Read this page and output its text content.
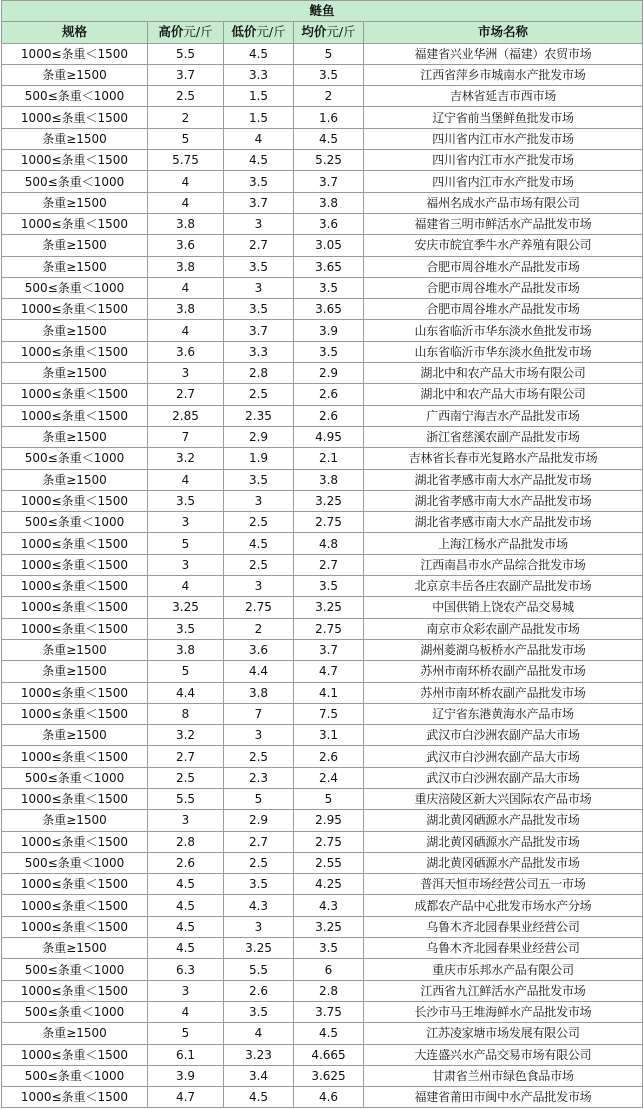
鲢鱼				
规格	高价元/斤	低价元/斤	均价元/斤	市场名称
1000≤条重＜1500	5.5	4.5	5	福建省兴业华洲（福建）农贸市场
条重≥1500	3.7	3.3	3.5	江西省萍乡市城南水产批发市场
500≤条重＜1000	2.5	1.5	2	吉林省延吉市西市场
1000≤条重＜1500	2	1.5	1.6	辽宁省前当堡鲜鱼批发市场
条重≥1500	5	4	4.5	四川省内江市水产批发市场
1000≤条重＜1500	5.75	4.5	5.25	四川省内江市水产批发市场
500≤条重＜1000	4	3.5	3.7	四川省内江市水产批发市场
条重≥1500	4	3.7	3.8	福州名成水产品市场有限公司
1000≤条重＜1500	3.8	3	3.6	福建省三明市鲜活水产品批发市场
条重≥1500	3.6	2.7	3.05	安庆市皖宜季牛水产养殖有限公司
条重≥1500	3.8	3.5	3.65	合肥市周谷堆水产品批发市场
500≤条重＜1000	4	3	3.5	合肥市周谷堆水产品批发市场
1000≤条重＜1500	3.8	3.5	3.65	合肥市周谷堆水产品批发市场
条重≥1500	4	3.7	3.9	山东省临沂市华东淡水鱼批发市场
1000≤条重＜1500	3.6	3.3	3.5	山东省临沂市华东淡水鱼批发市场
条重≥1500	3	2.8	2.9	湖北中和农产品大市场有限公司
1000≤条重＜1500	2.7	2.5	2.6	湖北中和农产品大市场有限公司
1000≤条重＜1500	2.85	2.35	2.6	广西南宁海吉水产品批发市场
条重≥1500	7	2.9	4.95	浙江省慈溪农副产品批发市场
500≤条重＜1000	3.2	1.9	2.1	吉林省长春市光复路水产品批发市场
条重≥1500	4	3.5	3.8	湖北省孝感市南大水产品批发市场
1000≤条重＜1500	3.5	3	3.25	湖北省孝感市南大水产品批发市场
500≤条重＜1000	3	2.5	2.75	湖北省孝感市南大水产品批发市场
1000≤条重＜1500	5	4.5	4.8	上海江杨水产品批发市场
1000≤条重＜1500	3	2.5	2.7	江西南昌市水产品综合批发市场
1000≤条重＜1500	4	3	3.5	北京京丰岳各庄农副产品批发市场
1000≤条重＜1500	3.25	2.75	3.25	中国供销上饶农产品交易城
1000≤条重＜1500	3.5	2	2.75	南京市众彩农副产品批发市场
条重≥1500	3.8	3.6	3.7	湖州菱湖乌板桥水产品批发市场
条重≥1500	5	4.4	4.7	苏州市南环桥农副产品批发市场
1000≤条重＜1500	4.4	3.8	4.1	苏州市南环桥农副产品批发市场
1000≤条重＜1500	8	7	7.5	辽宁省东港黄海水产品市场
条重≥1500	3.2	3	3.1	武汉市白沙洲农副产品大市场
1000≤条重＜1500	2.7	2.5	2.6	武汉市白沙洲农副产品大市场
500≤条重＜1000	2.5	2.3	2.4	武汉市白沙洲农副产品大市场
1000≤条重＜1500	5.5	5	5	重庆涪陵区新大兴国际农产品市场
条重≥1500	3	2.9	2.95	湖北黄冈硒源水产品批发市场
1000≤条重＜1500	2.8	2.7	2.75	湖北黄冈硒源水产品批发市场
500≤条重＜1000	2.6	2.5	2.55	湖北黄冈硒源水产品批发市场
1000≤条重＜1500	4.5	3.5	4.25	普洱天恒市场经营公司五一市场
1000≤条重＜1500	4.5	4.3	4.3	成都农产品中心批发市场水产分场
1000≤条重＜1500	4.5	3	3.25	乌鲁木齐北园春果业经营公司
条重≥1500	4.5	3.25	3.5	乌鲁木齐北园春果业经营公司
500≤条重＜1000	6.3	5.5	6	重庆市乐邦水产品有限公司
1000≤条重＜1500	3	2.6	2.8	江西省九江鲜活水产品批发市场
500≤条重＜1000	4	3.5	3.75	长沙市马王堆海鲜水产品批发市场
条重≥1500	5	4	4.5	江苏凌家塘市场发展有限公司
1000≤条重＜1500	6.1	3.23	4.665	大连盛兴水产品交易市场有限公司
500≤条重＜1000	3.9	3.4	3.625	甘肃省兰州市绿色食品市场
1000≤条重＜1500	4.7	4.5	4.6	福建省莆田市闽中水产品批发市场
